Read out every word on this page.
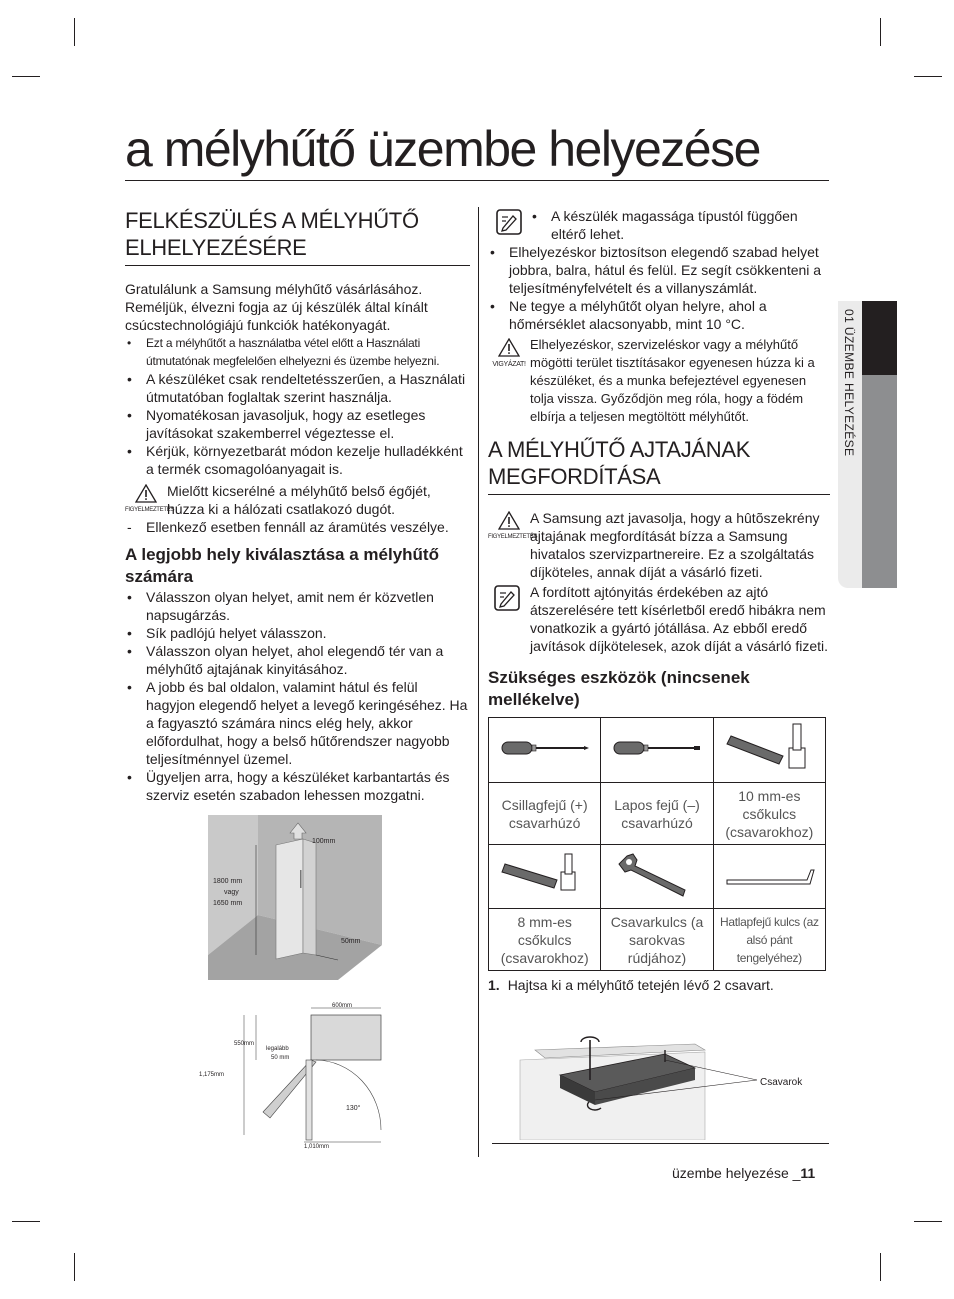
a mélyhűtő üzembe helyezése
01 ÜZEMBE HELYEZÉSE
FELKÉSZÜLÉS A MÉLYHŰTŐ ELHELYEZÉSÉRE

Gratulálunk a Samsung mélyhűtő vásárlásához. Reméljük, élvezni fogja az új készülék által kínált csúcstechnológiájú funkciók hatékonyagát.

• Ezt a mélyhűtőt a használatba vétel előtt a Használati útmutatónak megfelelően elhelyezni és üzembe helyezni.
• A készüléket csak rendeltetésszerűen, a Használati útmutatóban foglaltak szerint használja.
• Nyomatékosan javasoljuk, hogy az esetleges javításokat szakemberrel végeztesse el.
• Kérjük, környezetbarát módon kezelje hulladékként a termék csomagolóanyagait is.
FIGYELMEZTETÉS
Mielőtt kicserélné a mélyhűtő belső égőjét, húzza ki a hálózati csatlakozó dugót.
- Ellenkező esetben fennáll az áramütés veszélye.
A legjobb hely kiválasztása a mélyhűtő számára
• Válasszon olyan helyet, amit nem ér közvetlen napsugárzás.
• Sík padlójú helyet válasszon.
• Válasszon olyan helyet, ahol elegendő tér van a mélyhűtő ajtajának kinyitásához.
• A jobb és bal oldalon, valamint hátul és felül hagyjon elegendő helyet a levegő keringéséhez. Ha a fagyasztó számára nincs elég hely, akkor előfordulhat, hogy a belső hűtőrendszer nagyobb teljesítménnyel üzemel.
• Ügyeljen arra, hogy a készüléket karbantartás és szerviz esetén szabadon lehessen mozgatni.
100mm
50mm
1800 mm
vagy
1650 mm
600mm
550mm
1,175mm
legalább
50 mm
130°
1,010mm
• A készülék magassága típustól függően eltérő lehet.
• Elhelyezéskor biztosítson elegendő szabad helyet jobbra, balra, hátul és felül. Ez segít csökkenteni a teljesítményfelvételt és a villanyszámlát.
• Ne tegye a mélyhűtőt olyan helyre, ahol a hőmérséklet alacsonyabb, mint 10 °C.
VIGYÁZAT!
Elhelyezéskor, szervizeléskor vagy a mélyhűtő mögötti terület tisztításakor egyenesen húzza ki a készüléket, és a munka befejeztével egyenesen tolja vissza. Győződjön meg róla, hogy a födém elbírja a teljesen megtöltött mélyhűtőt.
A MÉLYHŰTŐ AJTAJÁNAK MEGFORDÍTÁSA
FIGYELMEZTETÉS
A Samsung azt javasolja, hogy a hûtõszekrény ajtajának megfordítását bízza a Samsung hivatalos szervizpartnereire. Ez a szolgáltatás díjköteles, annak díját a vásárló fizeti.
A fordított ajtónyitás érdekében az ajtó átszerelésére tett kísérletből eredő hibákra nem vonatkozik a gyártó jótállása. Az ebből eredő javítások díjkötelesek, azok díját a vásárló fizeti.
Szükséges eszközök (nincsenek mellékelve)

Csillagfejű (+) csavarhúzó	Lapos fejű (–) csavarhúzó	10 mm-es csőkulcs (csavarokhoz)

8 mm-es csőkulcs (csavarokhoz)	Csavarkulcs (a sarokvas rúdjához)	Hatlapfejű kulcs (az alsó pánt tengelyéhez)
1. Hajtsa ki a mélyhűtő tetején lévő 2 csavart.
Csavarok
üzembe helyezése _11
